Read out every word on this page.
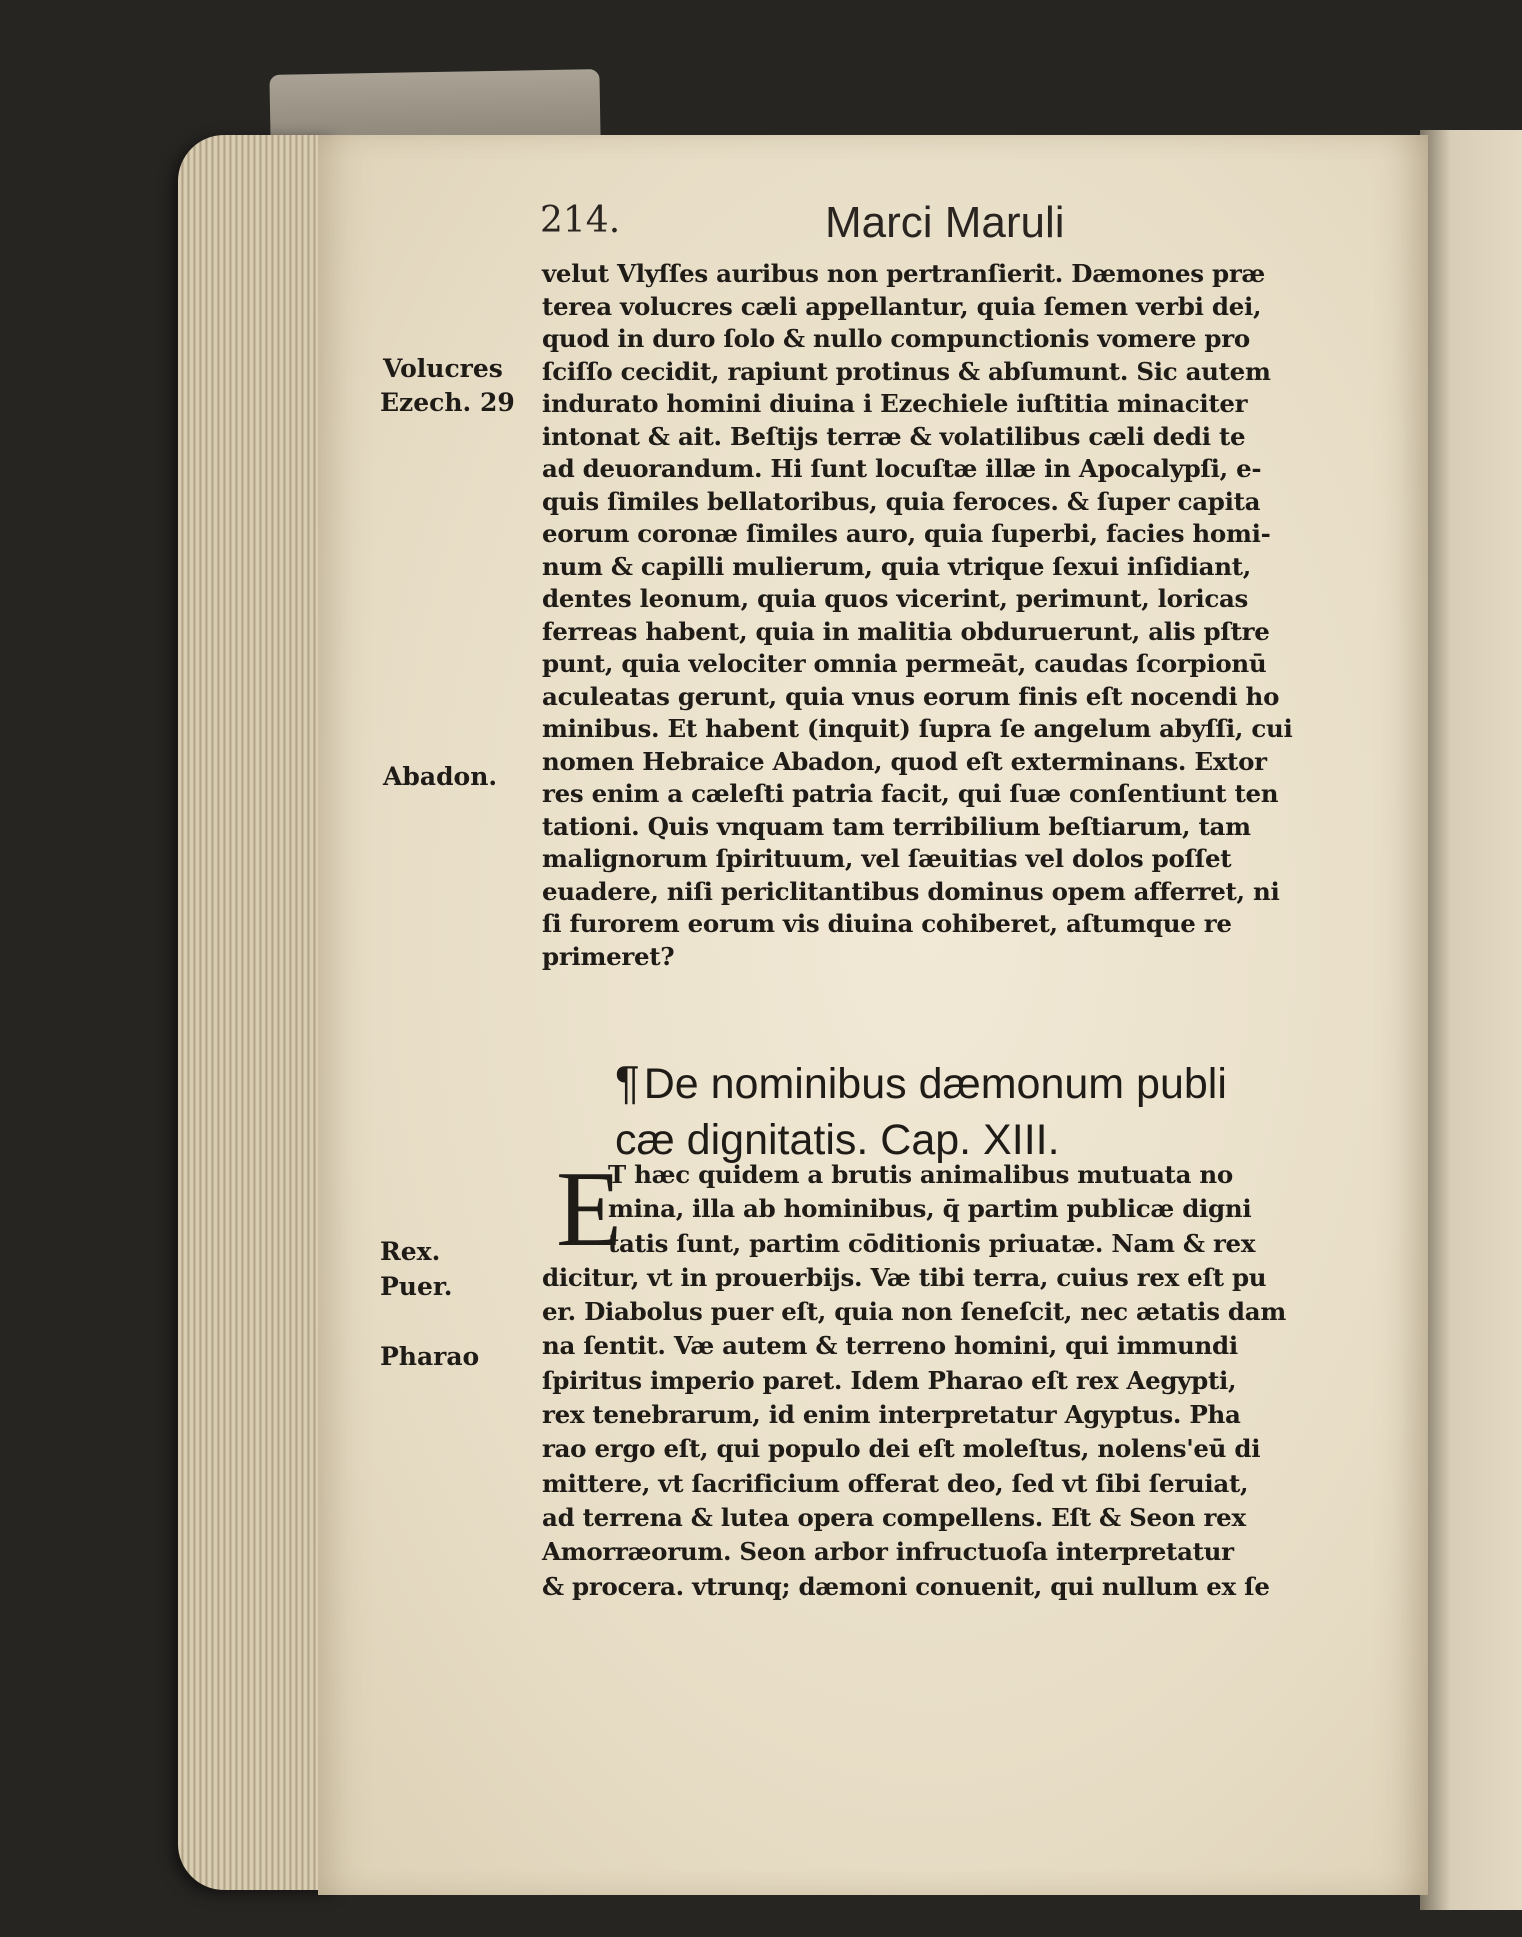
214.	Marci Maruli
velut Vlyſſes auribus non pertranſierit. Dæmones præ
terea volucres cæli appellantur, quia ſemen verbi dei,
quod in duro ſolo & nullo compunctionis vomere pro
ſciſſo cecidit, rapiunt protinus & abſumunt. Sic autem
indurato homini diuina i Ezechiele iuſtitia minaciter
intonat & ait. Beſtijs terræ & volatilibus cæli dedi te
ad deuorandum. Hi ſunt locuſtæ illæ in Apocalypſi, e-
quis ſimiles bellatoribus, quia feroces. & ſuper capita
eorum coronæ ſimiles auro, quia ſuperbi, facies homi-
num & capilli mulierum, quia vtrique ſexui inſidiant,
dentes leonum, quia quos vicerint, perimunt, loricas
ferreas habent, quia in malitia obduruerunt, alis pſtre
punt, quia velociter omnia permeāt, caudas ſcorpionū
aculeatas gerunt, quia vnus eorum finis eſt nocendi ho
minibus. Et habent (inquit) ſupra ſe angelum abyſſi, cui
nomen Hebraice Abadon, quod eſt exterminans. Extor
res enim a cæleſti patria facit, qui ſuæ conſentiunt ten
tationi. Quis vnquam tam terribilium beſtiarum, tam
malignorum ſpirituum, vel ſæuitias vel dolos poſſet
euadere, niſi periclitantibus dominus opem afferret, ni
ſi furorem eorum vis diuina cohiberet, aſtumque re
primeret?
¶De nominibus dæmonum publi
cæ dignitatis. Cap. XIII.
E
T hæc quidem a brutis animalibus mutuata no
mina, illa ab hominibus, q̄ partim publicæ digni
tatis ſunt, partim cōditionis priuatæ. Nam & rex
dicitur, vt in prouerbijs. Væ tibi terra, cuius rex eſt pu
er. Diabolus puer eſt, quia non ſeneſcit, nec ætatis dam
na ſentit. Væ autem & terreno homini, qui immundi
ſpiritus imperio paret. Idem Pharao eſt rex Aegypti,
rex tenebrarum, id enim interpretatur Agyptus. Pha
rao ergo eſt, qui populo dei eſt moleſtus, nolens'eū di
mittere, vt ſacrificium offerat deo, ſed vt ſibi ſeruiat,
ad terrena & lutea opera compellens. Eſt & Seon rex
Amorræorum. Seon arbor infructuoſa interpretatur
& procera. vtrunq; dæmoni conuenit, qui nullum ex ſe
Volucres
Ezech. 29
Abadon.
Rex.
Puer.
Pharao
